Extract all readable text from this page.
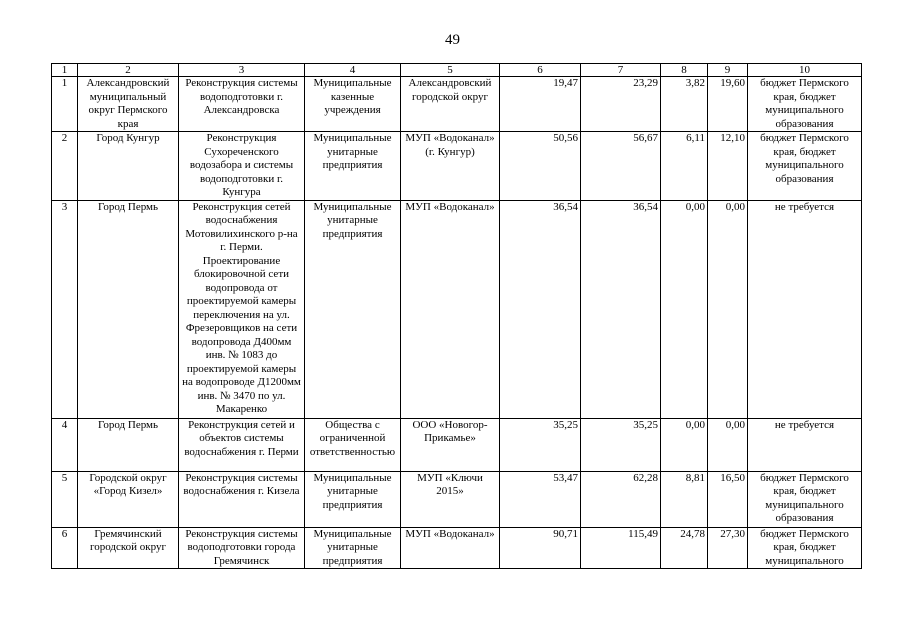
49
1	2	3	4	5	6	7	8	9	10
1	Александровский муниципальный округ Пермского края	Реконструкция системы водоподготовки г. Александровска	Муниципальные казенные учреждения	Александровский городской округ	19,47	23,29	3,82	19,60	бюджет Пермского края, бюджет муниципального образования
2	Город Кунгур	Реконструкция Сухореченского водозабора и системы водоподготовки г. Кунгура	Муниципальные унитарные предприятия	МУП «Водоканал» (г. Кунгур)	50,56	56,67	6,11	12,10	бюджет Пермского края, бюджет муниципального образования
3	Город Пермь	Реконструкция сетей водоснабжения Мотовилихинского р-на г. Перми. Проектирование блокировочной сети водопровода от проектируемой камеры переключения на ул. Фрезеровщиков на сети водопровода Д400мм инв. № 1083 до проектируемой камеры на водопроводе Д1200мм инв. № 3470 по ул. Макаренко	Муниципальные унитарные предприятия	МУП «Водоканал»	36,54	36,54	0,00	0,00	не требуется
4	Город Пермь	Реконструкция сетей и объектов системы водоснабжения г. Перми	Общества с ограниченной ответственностью	ООО «Новогор-Прикамье»	35,25	35,25	0,00	0,00	не требуется
5	Городской округ «Город Кизел»	Реконструкция системы водоснабжения г. Кизела	Муниципальные унитарные предприятия	МУП «Ключи 2015»	53,47	62,28	8,81	16,50	бюджет Пермского края, бюджет муниципального образования
6	Гремячинский городской округ	Реконструкция системы водоподготовки города Гремячинск	Муниципальные унитарные предприятия	МУП «Водоканал»	90,71	115,49	24,78	27,30	бюджет Пермского края, бюджет муниципального
